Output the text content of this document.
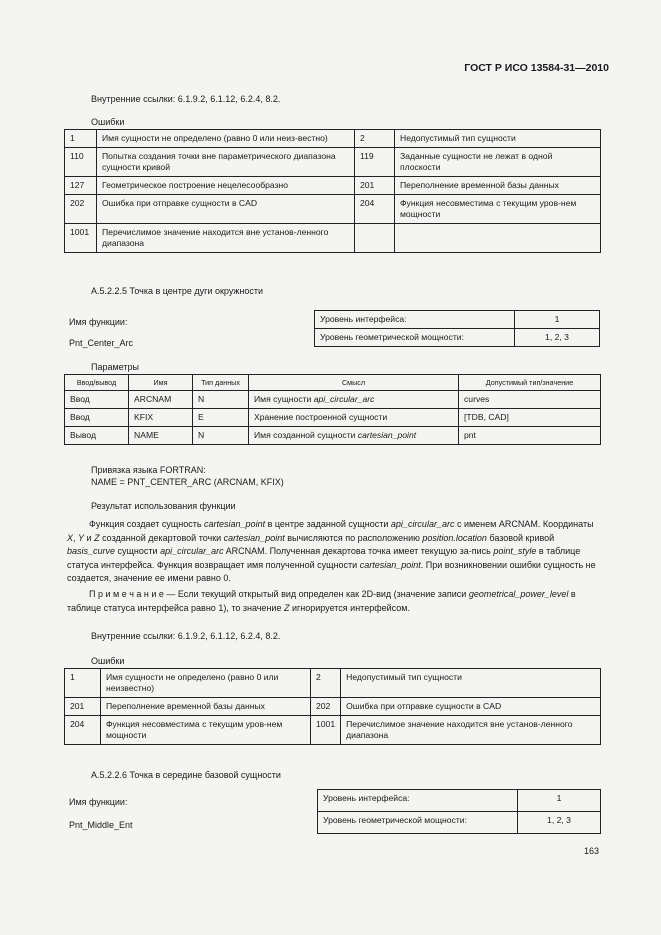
ГОСТ Р ИСО 13584-31—2010
Внутренние ссылки: 6.1.9.2, 6.1.12, 6.2.4, 8.2.
Ошибки
1	Имя сущности не определено (равно 0 или неиз-вестно)	2	Недопустимый тип сущности
110	Попытка создания точки вне параметрического диапазона сущности кривой	119	Заданные сущности не лежат в одной плоскости
127	Геометрическое построение нецелесообразно	201	Переполнение временной базы данных
202	Ошибка при отправке сущности в CAD	204	Функция несовместима с текущим уров-нем мощности
1001	Перечислимое значение находится вне установ-ленного диапазона		
А.5.2.2.5 Точка в центре дуги окружности
Имя функции:
Pnt_Center_Arc
Уровень интерфейса:	1
Уровень геометрической мощности:	1, 2, 3
Параметры
Ввод/вывод	Имя	Тип данных	Смысл	Допустимый тип/значение
Ввод	ARCNAM	N	Имя сущности api_circular_arc	curves
Ввод	KFIX	E	Хранение построенной сущности	[TDB, CAD]
Вывод	NAME	N	Имя созданной сущности cartesian_point	pnt
Привязка языка FORTRAN:
NAME = PNT_CENTER_ARC (ARCNAM, KFIX)
Результат использования функции
Функция создает сущность cartesian_point в центре заданной сущности api_circular_arc с именем ARCNAM. Координаты X, Y и Z созданной декартовой точки cartesian_point вычисляются по расположению position.location базовой кривой basis_curve сущности api_circular_arc ARCNAM. Полученная декартова точка имеет текущую за-пись point_style в таблице статуса интерфейса. Функция возвращает имя полученной сущности cartesian_point. При возникновении ошибки сущность не создается, значение ее имени равно 0.
П р и м е ч а н и е — Если текущий открытый вид определен как 2D-вид (значение записи geometrical_power_level в таблице статуса интерфейса равно 1), то значение Z игнорируется интерфейсом.
Внутренние ссылки: 6.1.9.2, 6.1.12, 6.2.4, 8.2.
Ошибки
1	Имя сущности не определено (равно 0 или неизвестно)	2	Недопустимый тип сущности
201	Переполнение временной базы данных	202	Ошибка при отправке сущности в CAD
204	Функция несовместима с текущим уров-нем мощности	1001	Перечислимое значение находится вне установ-ленного диапазона
А.5.2.2.6 Точка в середине базовой сущности
Имя функции:
Pnt_Middle_Ent
Уровень интерфейса:	1
Уровень геометрической мощности:	1, 2, 3
163
